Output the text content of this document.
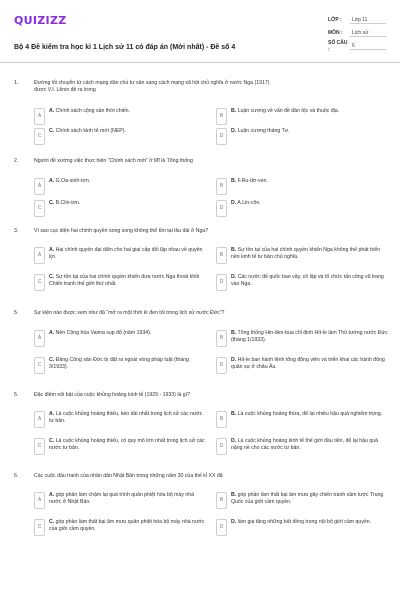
QUIZIZZ
Bộ 4 Đề kiểm tra học kì 1 Lịch sử 11 có đáp án (Mới nhất) - Đề số 4
LỚP :	Lớp 11
MÔN :	Lịch sử
SỐ CÂU :
6
1.	Đường lối chuyển từ cách mạng dân chủ tư sản sang cách mạng xã hội chủ nghĩa ở nước Nga (1917) được V.I. Lênin đề ra trong
A
A. Chính sách cộng sản thời chiến.
B
B. Luận cương về vấn đề dân tộc và thuộc địa.
C
C. Chính sách kinh tế mới (NEP).
D
D. Luận cương tháng Tư.
2.	Người đề xướng việc thực hiện “Chính sách mới” ở Mĩ là Tổng thống
A
A. G.Oa-sinh-tơn.
B
B. F.Ru-dơ-ven.
C
C. B.Clin-tơn.
D
D. A.Lin-côn.
3.	Vì sao cục diện hai chính quyền song song không thể tồn tại lâu dài ở Nga?
A
A. Hai chính quyền đại diện cho hai giai cấp đối lập nhau về quyền lợi.	B
B. Sự tồn tại của hai chính quyền khiến Nga không thể phát triển nền kinh tế tư bản chủ nghĩa.
C
C. Sự tồn tại của hai chính quyền khiến đưa nước Nga thoát khỏi Chiến tranh thế giới thứ nhất.	D
D. Các nước đế quốc bao vây, cô lập và tổ chức tấn công vũ trang vào Nga.
5.	Sự kiện nào được xem như đã “mở ra một thời kì đen tối trong lịch sử nước Đức”?
A
A. Nền Cộng hòa Vaima sụp đổ (năm 1934).
B
B. Tổng thống Hin-đen-bua chỉ định Hít-le làm Thủ tướng nước Đức (tháng 1/1933).
C
C. Đảng Công sản Đức bị đặt ra ngoài vòng pháp luật (tháng 3/1933).	D
D. Hít-le ban hành lệnh tổng động viên và triển khai các hành động quân sự ở châu Âu.
5.	Đặc điểm nổi bật của cuộc khủng hoảng kinh tế (1929 - 1933) là gì?
A
A. Là cuộc khủng hoảng thiếu, kéo dài nhất trong lịch sử các nước tư bản.	B
B. Là cuộc khủng hoảng thừa, để lại nhiều hậu quả nghiêm trọng.
C
C. Là cuộc khủng hoảng thiếu, có quy mô lớn nhất trong lịch sử các nước tư bản.	D
D. Là cuộc khủng hoảng kinh tế thế giới đầu tiên, để lại hậu quả nặng nề cho các nước tư bản.
6.	Các cuộc đấu tranh của nhân dân Nhật Bản trong những năm 30 của thế kỉ XX đã
A
A. góp phần làm chậm lại quá trình quân phiệt hóa bộ máy nhà nước ở Nhật Bản.	B
B. góp phần làm thất bại âm mưu gây chiến tranh xâm lược Trung Quốc của giới cầm quyền.
C
C. góp phần làm thất bại âm mưu quân phiệt hóa bộ máy nhà nước của giới cầm quyền.	D
D. làm gia tăng những bất đồng trong nội bộ giới cầm quyền.
